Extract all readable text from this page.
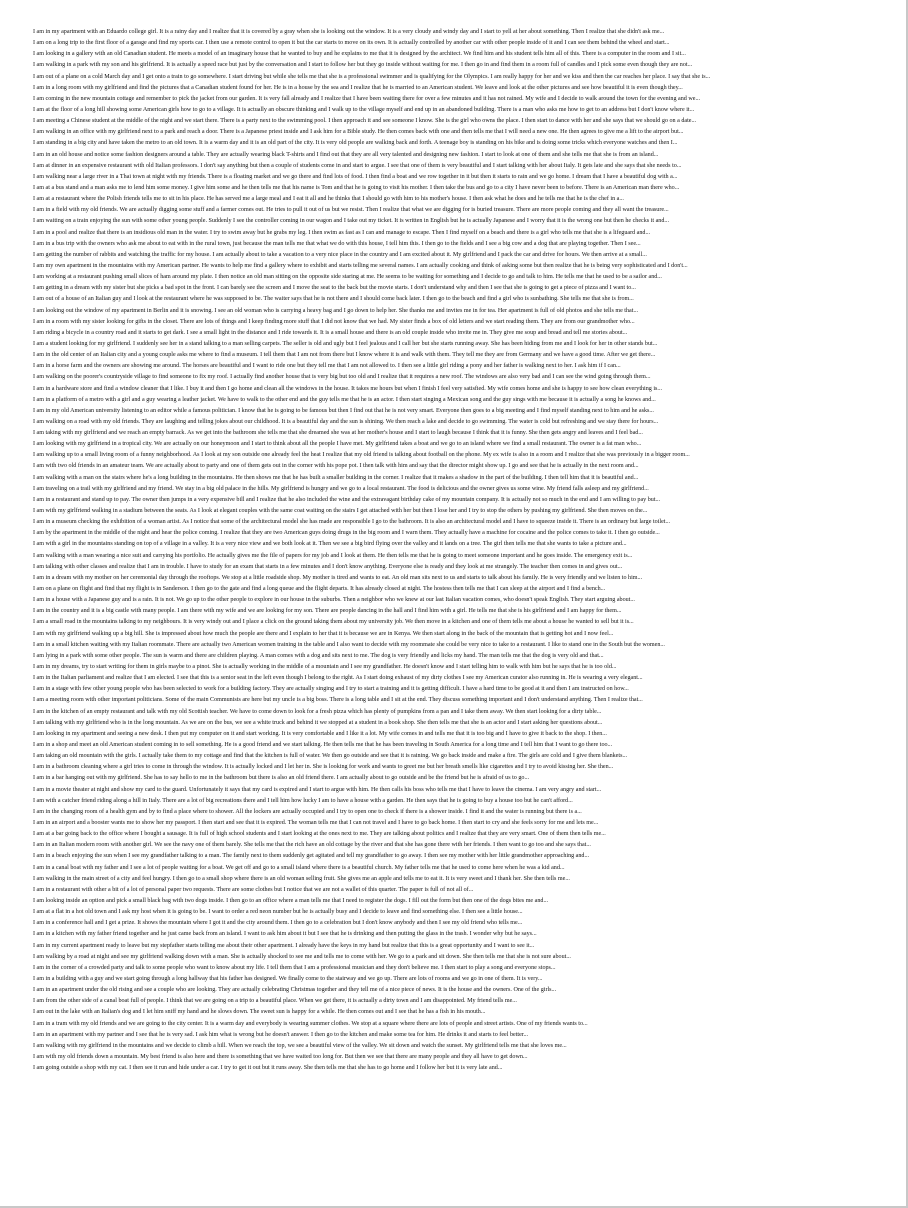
I am in my apartment with an Eduardo college girl. It is a rainy day and I realize that it is covered by a gray when she is looking out the window. It is a very cloudy and windy day and I start to yell at her about something. Then I realize that she didn't ask me...
I am on a long trip to the first floor of a garage and find my sports car. I then use a remote control to open it but the car starts to move on its own. It is actually controlled by another car with other people inside of it and I can see them behind the wheel and start...
I am looking in a gallery with an old Canadian student. He meets a model of an imaginary house that he wanted to buy and he explains to me that it is designed by the architect. We find him and his student tells him all of this. There is a computer in the room and I sit...
I am walking in a park with my son and his girlfriend. It is actually a speed race but just by the conversation and I start to follow her but they go inside without waiting for me. I then go in and find them in a room full of candles and I pick some even though they are not...
I am out of a plane on a cold March day and I get onto a train to go somewhere. I start driving but while she tells me that she is a professional swimmer and is qualifying for the Olympics. I am really happy for her and we kiss and then the car reaches her place. I say that she is...
I am in a long room with my girlfriend and find the pictures that a Canadian student found for her. He is in a house by the sea and I realize that he is married to an American student. We leave and look at the other pictures and see how beautiful it is even though they...
I am coming in the new mountain cottage and remember to pick the jacket from our garden. It is very fall already and I realize that I have been waiting there for over a few minutes and it has not rained. My wife and I decide to walk around the town for the evening and we...
I am at the floor of a long hill showing some American girls how to go to a village. It is actually an obscure thinking and I walk up to the village myself and end up in an abandoned building. There is a man who asks me how to get to an address but I don't know where it...
I am meeting a Chinese student at the middle of the night and we start there. There is a party next to the swimming pool. I then approach it and see someone I know. She is the girl who owns the place. I then start to dance with her and she says that we should go on a date...
I am walking in an office with my girlfriend next to a park and reach a door. There is a Japanese priest inside and I ask him for a Bible study. He then comes back with one and then tells me that I will need a new one. He then agrees to give me a lift to the airport but...
I am standing in a big city and have taken the metro to an old town. It is a warm day and it is an old part of the city. It is very old people are walking back and forth. A teenage boy is standing on his bike and is doing some tricks which everyone watches and then I...
I am in an old house and notice some fashion designers around a table. They are actually wearing black T-shirts and I find out that they are all very talented and designing new fashion. I start to look at one of them and she tells me that she is from an island...
I am at dinner in an expensive restaurant with old Italian professors. I don't say anything but then a couple of students come in and start to argue. I see that one of them is very beautiful and I start talking with her about Italy. It gets late and she says that she needs to...
I am walking near a large river in a Thai town at night with my friends. There is a floating market and we go there and find lots of food. I then find a boat and we row together in it but then it starts to rain and we go home. I dream that I have a beautiful dog with a...
I am at a bus stand and a man asks me to lend him some money. I give him some and he then tells me that his name is Tom and that he is going to visit his mother. I then take the bus and go to a city I have never been to before. There is an American man there who...
I am at a restaurant where the Polish friends tells me to sit in his place. He has served me a large meal and I eat it all and he thinks that I should go with him to his mother's house. I then ask what he does and he tells me that he is the chef in a...
I am in a field with my old friends. We are actually digging some stuff and a farmer comes out. He tries to pull it out of us but we resist. Then I realize that what we are digging for is buried treasure. There are more people coming and they all want the treasure...
I am waiting on a train enjoying the sun with some other young people. Suddenly I see the controller coming in our wagon and I take out my ticket. It is written in English but he is actually Japanese and I worry that it is the wrong one but then he checks it and...
I am in a pool and realize that there is an insidious old man in the water. I try to swim away but he grabs my leg. I then swim as fast as I can and manage to escape. Then I find myself on a beach and there is a girl who tells me that she is a lifeguard and...
I am in a bus trip with the owners who ask me about to eat with in the rural town, just because the man tells me that what we do with this house, I tell him this. I then go to the fields and I see a big cow and a dog that are playing together. Then I see...
I am getting the number of rabbits and watching the traffic for my house. I am actually about to take a vacation to a very nice place in the country and I am excited about it. My girlfriend and I pack the car and drive for hours. We then arrive at a small...
I am my own apartment in the mountains with my American partner. He wants to help me find a gallery where to exhibit and starts telling me several names. I am actually cooking and think of asking some but then realize that he is being very sophisticated and I don't...
I am working at a restaurant pushing small slices of ham around my plate. I then notice an old man sitting on the opposite side staring at me. He seems to be waiting for something and I decide to go and talk to him. He tells me that he used to be a sailor and...
I am getting in a dream with my sister but she picks a bad spot in the front. I can barely see the screen and I move the seat to the back but the movie starts. I don't understand why and then I see that she is going to get a piece of pizza and I want to...
I am out of a house of an Italian guy and I look at the restaurant where he was supposed to be. The waiter says that he is not there and I should come back later. I then go to the beach and find a girl who is sunbathing. She tells me that she is from...
I am looking out the window of my apartment in Berlin and it is snowing. I see an old woman who is carrying a heavy bag and I go down to help her. She thanks me and invites me in for tea. Her apartment is full of old photos and she tells me that...
I am in a room with my sister looking for gifts in the closet. There are lots of things and I keep finding more stuff that I did not know that we had. My sister finds a box of old letters and we start reading them. They are from our grandmother who...
I am riding a bicycle in a country road and it starts to get dark. I see a small light in the distance and I ride towards it. It is a small house and there is an old couple inside who invite me in. They give me soup and bread and tell me stories about...
I am a student looking for my girlfriend. I suddenly see her in a stand talking to a man selling carpets. The seller is old and ugly but I feel jealous and I call her but she starts running away. She has been hiding from me and I look for her in other stands but...
I am in the old center of an Italian city and a young couple asks me where to find a museum. I tell them that I am not from there but I know where it is and walk with them. They tell me they are from Germany and we have a good time. After we get there...
I am in a horse farm and the owners are showing me around. The horses are beautiful and I want to ride one but they tell me that I am not allowed to. I then see a little girl riding a pony and her father is walking next to her. I ask him if I can...
I am walking on the poorer's countryside village to find someone to fix my roof. I actually find another house that is very big but too old and I realize that it requires a new roof. The windows are also very bad and I can see the wind going through them...
I am in a hardware store and find a window cleaner that I like. I buy it and then I go home and clean all the windows in the house. It takes me hours but when I finish I feel very satisfied. My wife comes home and she is happy to see how clean everything is...
I am in a platform of a metro with a girl and a guy wearing a leather jacket. We have to walk to the other end and the guy tells me that he is an actor. I then start singing a Mexican song and the guy sings with me because it is actually a song he knows and...
I am in my old American university listening to an editor while a famous politician. I know that he is going to be famous but then I find out that he is not very smart. Everyone then goes to a big meeting and I find myself standing next to him and he asks...
I am walking on a road with my old friends. They are laughing and telling jokes about our childhood. It is a beautiful day and the sun is shining. We then reach a lake and decide to go swimming. The water is cold but refreshing and we stay there for hours...
I am taking with my girlfriend and we reach an empty barrack. As we get into the bathroom she tells me that she dreamed she was at her mother's house and I start to laugh because I think that it is funny. She then gets angry and leaves and I feel bad...
I am looking with my girlfriend in a tropical city. We are actually on our honeymoon and I start to think about all the people I have met. My girlfriend takes a boat and we go to an island where we find a small restaurant. The owner is a fat man who...
I am walking up to a small living room of a funny neighborhood. As I look at my son outside one already feel the heat I realize that my old friend is talking about football on the phone. My ex wife is also in a room and I realize that she was previously in a bigger room...
I am with two old friends in an amateur team. We are actually about to party and one of them gets out in the corner with his pope pot. I then talk with him and say that the director might show up. I go and see that he is actually in the next room and...
I am walking with a man on the stairs where he's a long building in the mountains. He then shows me that he has built a smaller building in the corner. I realize that it makes a shadow in the part of the building. I then tell him that it is beautiful and...
I am traveling on a trail with my girlfriend and my friend. We stay in a big old palace in the hills. My girlfriend is hungry and we go to a local restaurant. The food is delicious and the owner gives us some wine. My friend falls asleep and my girlfriend...
I am in a restaurant and stand up to pay. The owner then jumps in a very expensive bill and I realize that he also included the wine and the extravagant birthday cake of my mountain company. It is actually not so much in the end and I am willing to pay but...
I am with my girlfriend walking in a stadium between the seats. As I look at elegant couples with the same coat waiting on the stairs I get attached with her but then I lose her and I try to stop the others by pushing my girlfriend. She then moves on the...
I am in a museum checking the exhibition of a woman artist. As I notice that some of the architectural model she has made are responsible I go to the bathroom. It is also an architectural model and I have to squeeze inside it. There is an ordinary but large toilet...
I am by the apartment in the middle of the night and hear the police coming. I realize that they are two American guys doing drugs in the big room and I warn them. They actually have a machine for cocaine and the police comes to take it. I then go outside...
I am with a girl in the mountains standing on top of a village in a valley. It is a very nice view and we both look at it. Then we see a big bird flying over the valley and it lands on a tree. The girl then tells me that she wants to take a picture and...
I am walking with a man wearing a nice suit and carrying his portfolio. He actually gives me the file of papers for my job and I look at them. He then tells me that he is going to meet someone important and he goes inside. The emergency exit is...
I am talking with other classes and realize that I am in trouble. I have to study for an exam that starts in a few minutes and I don't know anything. Everyone else is ready and they look at me strangely. The teacher then comes in and gives out...
I am in a dream with my mother on her ceremonial day through the rooftops. We stop at a little roadside shop. My mother is tired and wants to eat. An old man sits next to us and starts to talk about his family. He is very friendly and we listen to him...
I am on a plane on flight and find that my flight is in Sanderson. I then go to the gate and find a long queue and the flight departs. It has already closed at night. The hostess then tells me that I can sleep at the airport and I find a bench...
I am in a house with a Japanese guy and is a rain. It is not. We go up to the other people to explore in our house in the suburbs. Then a neighbor who we knew at our last Italian vacation comes, who doesn't speak English. They start arguing about...
I am in the country and it is a big castle with many people. I am there with my wife and we are looking for my son. There are people dancing in the hall and I find him with a girl. He tells me that she is his girlfriend and I am happy for them...
I am a small road in the mountains talking to my neighbours. It is very windy out and I place a click on the ground taking them about my university job. We then move in a kitchen and one of them tells me about a house he wanted to sell but it is...
I am with my girlfriend walking up a big hill. She is impressed about how much the people are there and I explain to her that it is because we are in Kenya. We then start along in the back of the mountain that is getting hot and I now feel...
I am in a small kitchen waiting with my Italian roommate. There are actually two American women training in the table and I also want to decide with my roommate she could be very nice to take to a restaurant. I like to stand one in the South but the women...
I am lying in a park with some other people. The sun is warm and there are children playing. A man comes with a dog and sits next to me. The dog is very friendly and licks my hand. The man tells me that the dog is very old and that...
I am in my dreams, try to start writing for them in girls maybe to a pinot. She is actually working in the middle of a mountain and I see my grandfather. He doesn't know and I start telling him to walk with him but he says that he is too old...
I am in the Italian parliament and realize that I am elected. I see that this is a senior seat in the left even though I belong to the right. As I start doing exhaust of my dirty clothes I see my American curator also running in. He is wearing a very elegant...
I am in a stage with few other young people who has been selected to work for a building factory. They are actually singing and I try to start a training and it is getting difficult. I have a hard time to be good at it and then I am instructed on how...
I am a meeting room with other important politicians. Some of the main Communists are here but my uncle is a big boss. There is a long table and I sit at the end. They discuss something important and I don't understand anything. Then I realize that...
I am in the kitchen of an empty restaurant and talk with my old Scottish teacher. We have to come down to look for a fresh pizza which has plenty of pumpkins from a pan and I take them away. We then start looking for a dirty table...
I am talking with my girlfriend who is in the long mountain. As we are on the bus, we see a white truck and behind it we stopped at a student in a book shop. She then tells me that she is an actor and I start asking her questions about...
I am looking in my apartment and seeing a new desk. I then put my computer on it and start working. It is very comfortable and I like it a lot. My wife comes in and tells me that it is too big and I have to give it back to the shop. I then...
I am in a shop and meet an old American student coming in to sell something. He is a good friend and we start talking. He then tells me that he has been traveling in South America for a long time and I tell him that I want to go there too...
I am taking an old mountain with the girls. I actually take them to my cottage and find that the kitchen is full of water. We then go outside and see that it is raining. We go back inside and make a fire. The girls are cold and I give them blankets...
I am in a bathroom cleaning where a girl tries to come in through the window. It is actually locked and I let her in. She is looking for work and wants to greet me but her breath smells like cigarettes and I try to avoid kissing her. She then...
I am in a bar hanging out with my girlfriend. She has to say hello to me in the bathroom but there is also an old friend there. I am actually about to go outside and be the friend but he is afraid of us to go...
I am in a movie theater at night and show my card to the guard. Unfortunately it says that my card is expired and I start to argue with him. He then calls his boss who tells me that I have to leave the cinema. I am very angry and start...
I am with a catcher friend riding along a hill in Italy. There are a lot of big recreations there and I tell him how lucky I am to have a house with a garden. He then says that he is going to buy a house too but he can't afford...
I am in the changing room of a health gym and by to find a place where to shower. All the lockers are actually occupied and I try to open one to check if there is a shower inside. I find it and the water is running but there is a...
I am in an airport and a booster wants me to show her my passport. I then start and see that it is expired. The woman tells me that I can not travel and I have to go back home. I then start to cry and she feels sorry for me and lets me...
I am at a bar going back to the office where I bought a sausage. It is full of high school students and I start looking at the ones next to me. They are talking about politics and I realize that they are very smart. One of them then tells me...
I am in an Italian modern room with another girl. We see the navy one of them barely. She tells me that the rich have an old cottage by the river and that she has gone there with her friends. I then want to go too and she says that...
I am in a beach enjoying the sun when I see my grandfather talking to a man. The family next to them suddenly get agitated and tell my grandfather to go away. I then see my mother with her little grandmother approaching and...
I am in a canal boat with my father and I see a lot of people waiting for a boat. We get off and go to a small island where there is a beautiful church. My father tells me that he used to come here when he was a kid and...
I am walking in the main street of a city and feel hungry. I then go to a small shop where there is an old woman selling fruit. She gives me an apple and tells me to eat it. It is very sweet and I thank her. She then tells me...
I am in a restaurant with other a bit of a lot of personal paper two requests. There are some clothes but I notice that we are not a wallet of this quarter. The paper is full of not all of...
I am looking inside an option and pick a small black bag with two dogs inside. I then go to an office where a man tells me that I need to register the dogs. I fill out the form but then one of the dogs bites me and...
I am at a flat in a hot old town and I ask my host when it is going to be. I want to order a red neon number but he is actually busy and I decide to leave and find something else. I then see a little house...
I am in a conference hall and I get a prize. It shows the mountain where I got it and the city around them. I then go to a celebration but I don't know anybody and then I see my old friend who tells me...
I am in a kitchen with my father friend together and he just came back from an island. I want to ask him about it but I see that he is drinking and then putting the glass in the trash. I wonder why but he says...
I am in my current apartment ready to leave but my stepfather starts telling me about their other apartment. I already have the keys in my hand but realize that this is a great opportunity and I want to see it...
I am walking by a road at night and see my girlfriend walking down with a man. She is actually shocked to see me and tells me to come with her. We go to a park and sit down. She then tells me that she is not sure about...
I am in the corner of a crowded party and talk to some people who want to know about my life. I tell them that I am a professional musician and they don't believe me. I then start to play a song and everyone stops...
I am in a building with a guy and we start going through a long hallway that his father has designed. We finally come to the stairway and we go up. There are lots of rooms and we go in one of them. It is very...
I am in an apartment under the old rising and see a couple who are looking. They are actually celebrating Christmas together and they tell me of a nice piece of news. It is the house and the owners. One of the girls...
I am from the other side of a canal boat full of people. I think that we are going on a trip to a beautiful place. When we get there, it is actually a dirty town and I am disappointed. My friend tells me...
I am out in the lake with an Italian's dog and I let him sniff my hand and he slows down. The sweet sun is happy for a while. He then comes out and I see that he has a fish in his mouth...
I am in a tram with my old friends and we are going to the city center. It is a warm day and everybody is wearing summer clothes. We stop at a square where there are lots of people and street artists. One of my friends wants to...
I am in an apartment with my partner and I see that he is very sad. I ask him what is wrong but he doesn't answer. I then go to the kitchen and make some tea for him. He drinks it and starts to feel better...
I am walking with my girlfriend in the mountains and we decide to climb a hill. When we reach the top, we see a beautiful view of the valley. We sit down and watch the sunset. My girlfriend tells me that she loves me...
I am with my old friends down a mountain. My best friend is also here and there is something that we have waited too long for. But then we see that there are many people and they all have to get down...
I am going outside a shop with my cat. I then see it run and hide under a car. I try to get it out but it runs away. She then tells me that she has to go home and I follow her but it is very late and...
